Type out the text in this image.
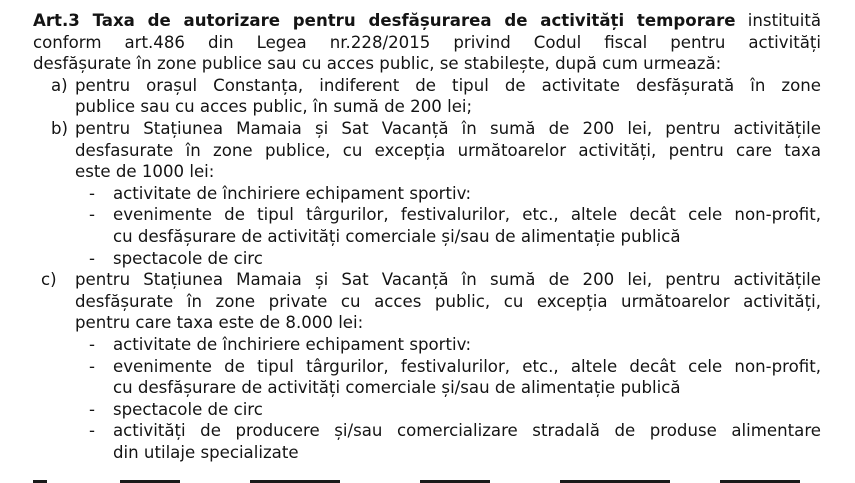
Art.3 Taxa de autorizare pentru desfășurarea de activități temporare instituită
conform art.486 din Legea nr.228/2015 privind Codul fiscal pentru activități
desfășurate în zone publice sau cu acces public, se stabilește, după cum urmează:
a) pentru orașul Constanța, indiferent de tipul de activitate desfășurată în zone
publice sau cu acces public, în sumă de 200 lei;
b) pentru Stațiunea Mamaia și Sat Vacanță în sumă de 200 lei, pentru activitățile
desfasurate în zone publice, cu excepția următoarelor activități, pentru care taxa
este de 1000 lei:
- activitate de închiriere echipament sportiv:
- evenimente de tipul târgurilor, festivalurilor, etc., altele decât cele non-profit,
cu desfășurare de activități comerciale și/sau de alimentație publică
- spectacole de circ
c) pentru Stațiunea Mamaia și Sat Vacanță în sumă de 200 lei, pentru activitățile
desfășurate în zone private cu acces public, cu excepția următoarelor activități,
pentru care taxa este de 8.000 lei:
- activitate de închiriere echipament sportiv:
- evenimente de tipul târgurilor, festivalurilor, etc., altele decât cele non-profit,
cu desfășurare de activități comerciale și/sau de alimentație publică
- spectacole de circ
- activități de producere și/sau comercializare stradală de produse alimentare
din utilaje specializate
